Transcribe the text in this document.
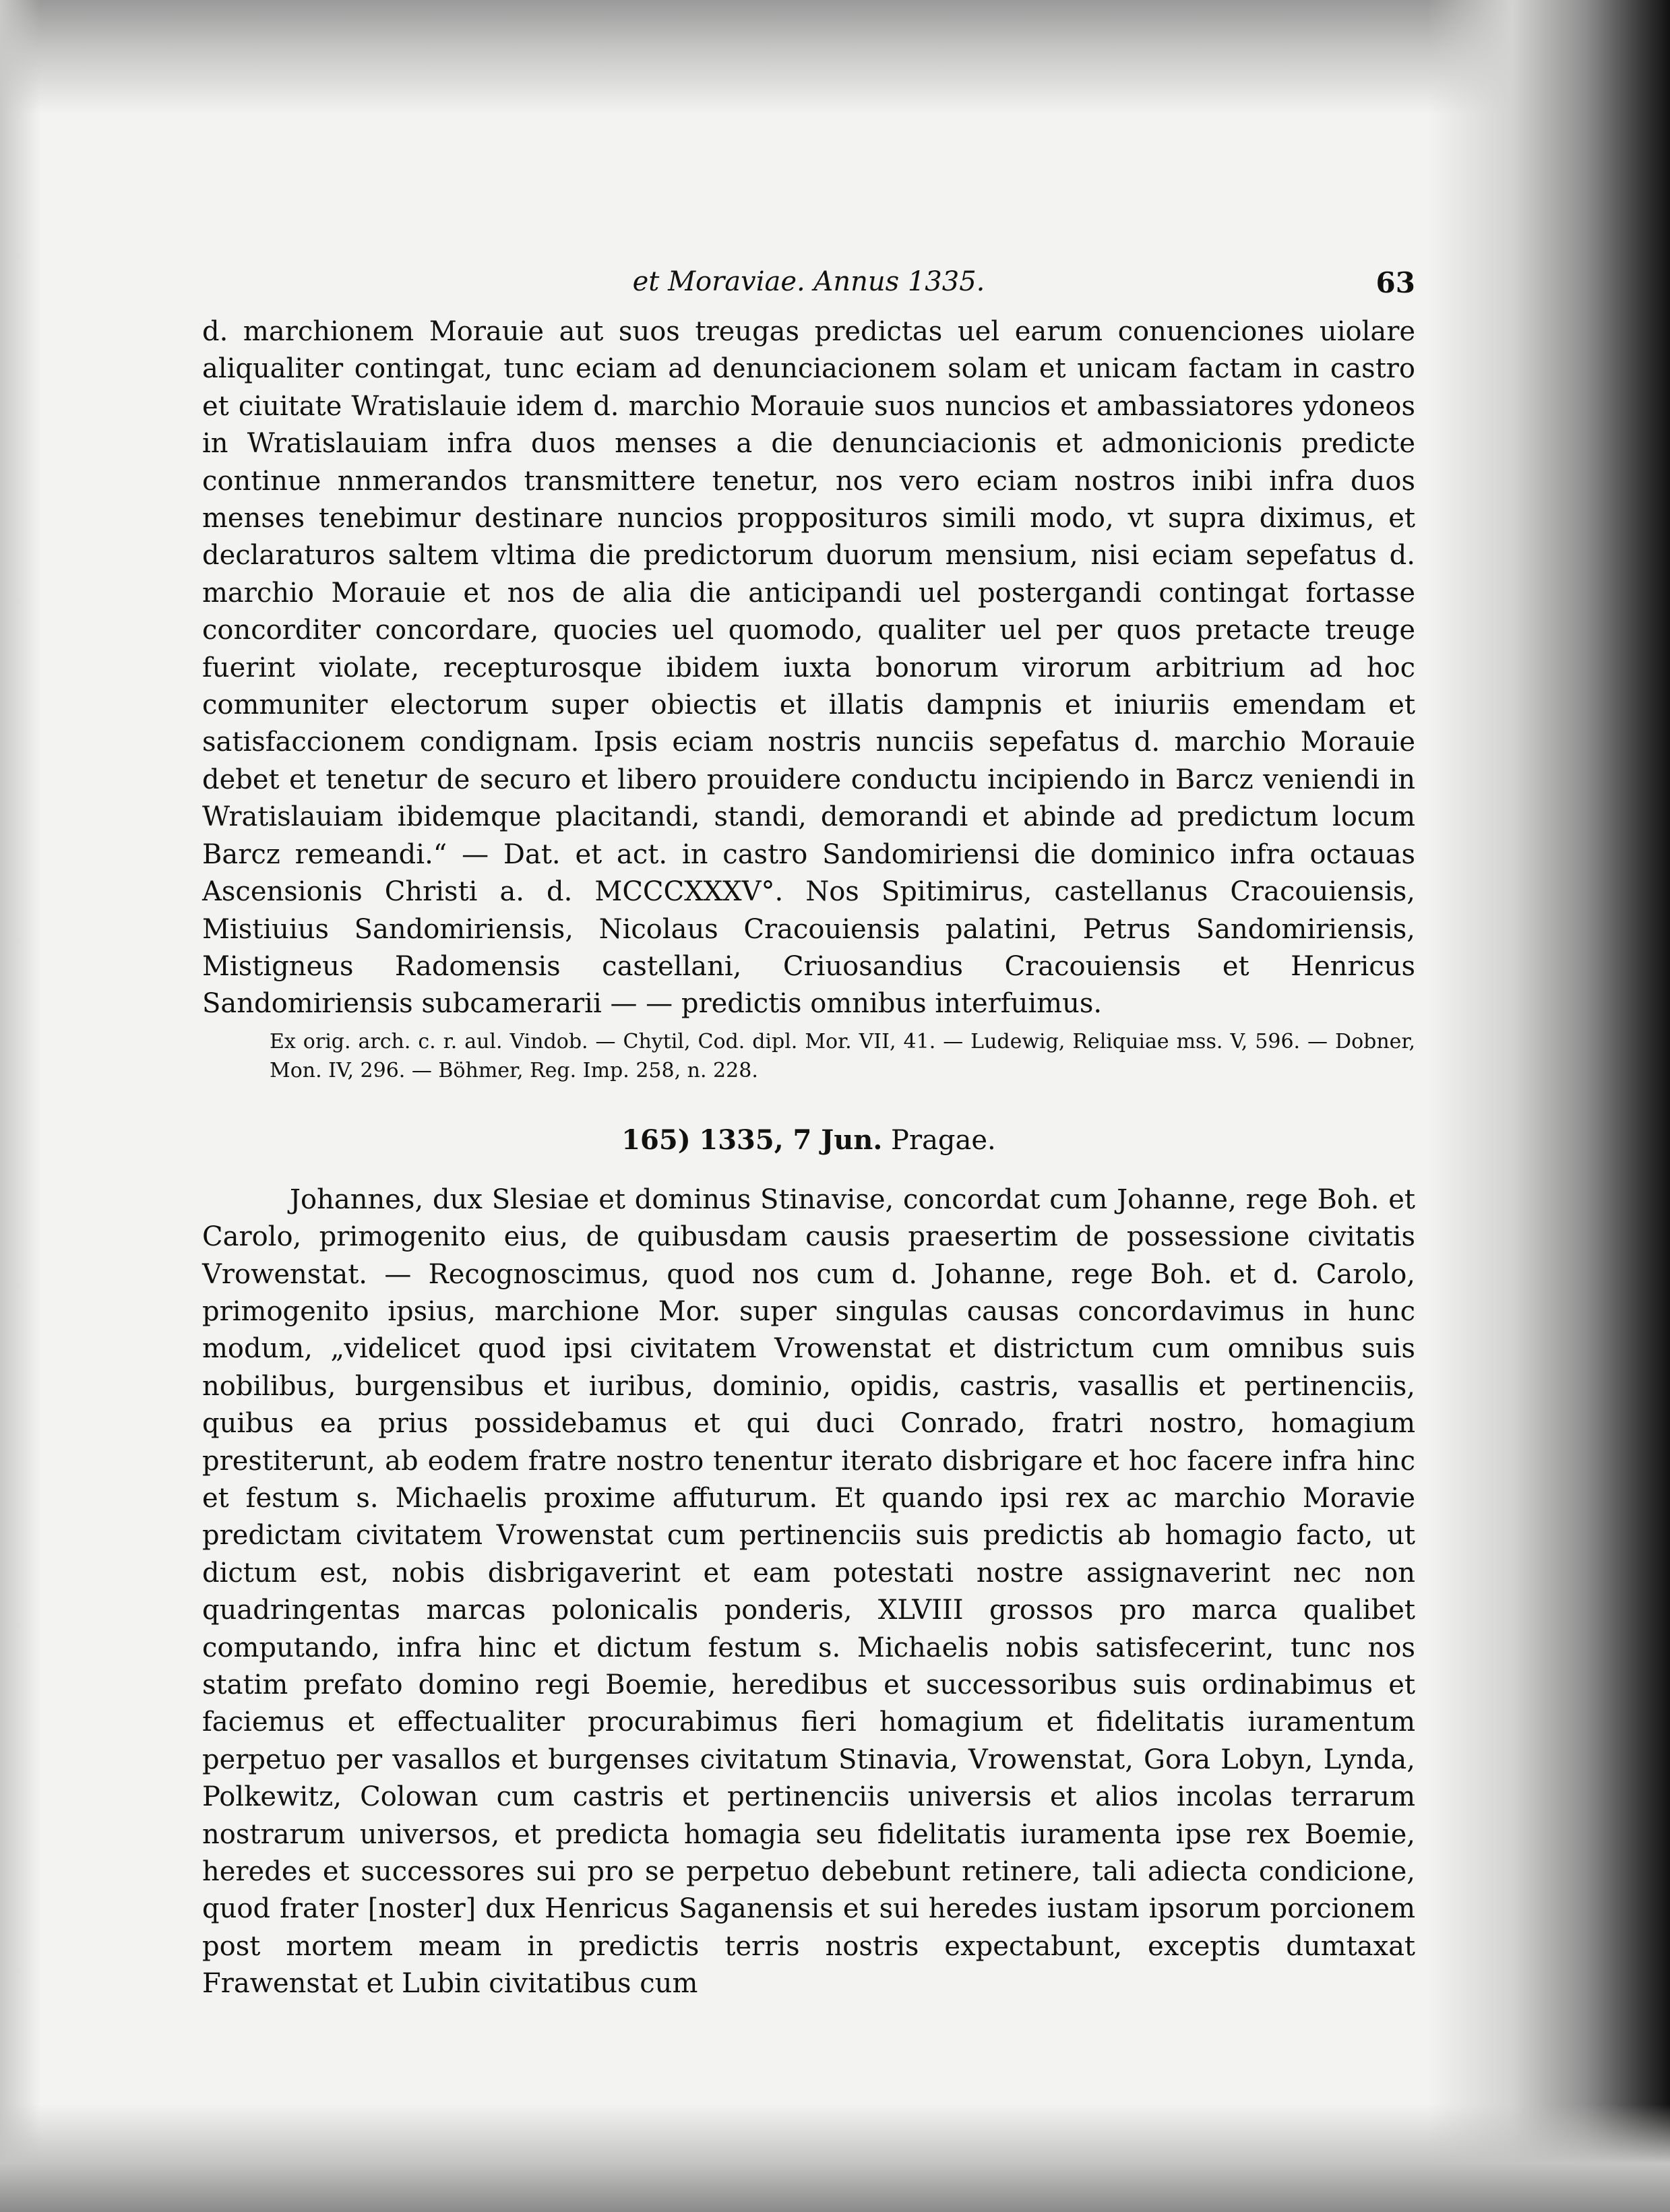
et Moraviae. Annus 1335.	63

d. marchionem Morauie aut suos treugas predictas uel earum conuenciones uiolare aliqualiter contingat, tunc eciam ad denunciacionem solam et unicam factam in castro et ciuitate Wratislauie idem d. marchio Morauie suos nuncios et ambassiatores ydoneos in Wratislauiam infra duos menses a die denunciacionis et admonicionis predicte continue nnmerandos transmittere tenetur, nos vero eciam nostros inibi infra duos menses tenebimur destinare nuncios propposituros simili modo, vt supra diximus, et declaraturos saltem vltima die predictorum duorum mensium, nisi eciam sepefatus d. marchio Morauie et nos de alia die anticipandi uel postergandi contingat fortasse concorditer concordare, quocies uel quomodo, qualiter uel per quos pretacte treuge fuerint violate, recepturosque ibidem iuxta bonorum virorum arbitrium ad hoc communiter electorum super obiectis et illatis dampnis et iniuriis emendam et satisfaccionem condignam. Ipsis eciam nostris nunciis sepefatus d. marchio Morauie debet et tenetur de securo et libero prouidere conductu incipiendo in Barcz veniendi in Wratislauiam ibidemque placitandi, standi, demorandi et abinde ad predictum locum Barcz remeandi.“ — Dat. et act. in castro Sandomiriensi die dominico infra octauas Ascensionis Christi a. d. MCCCXXXV°. Nos Spitimirus, castellanus Cracouiensis, Mistiuius Sandomiriensis, Nicolaus Cracouiensis palatini, Petrus Sandomiriensis, Mistigneus Radomensis castellani, Criuosandius Cracouiensis et Henricus Sandomiriensis subcamerarii — — predictis omnibus interfuimus.

Ex orig. arch. c. r. aul. Vindob. — Chytil, Cod. dipl. Mor. VII, 41. — Ludewig, Reliquiae mss. V, 596. — Dobner, Mon. IV, 296. — Böhmer, Reg. Imp. 258, n. 228.

165) 1335, 7 Jun. Pragae.

Johannes, dux Slesiae et dominus Stinavise, concordat cum Johanne, rege Boh. et Carolo, primogenito eius, de quibusdam causis praesertim de possessione civitatis Vrowenstat. — Recognoscimus, quod nos cum d. Johanne, rege Boh. et d. Carolo, primogenito ipsius, marchione Mor. super singulas causas concordavimus in hunc modum, „videlicet quod ipsi civitatem Vrowenstat et districtum cum omnibus suis nobilibus, burgensibus et iuribus, dominio, opidis, castris, vasallis et pertinenciis, quibus ea prius possidebamus et qui duci Conrado, fratri nostro, homagium prestiterunt, ab eodem fratre nostro tenentur iterato disbrigare et hoc facere infra hinc et festum s. Michaelis proxime affuturum. Et quando ipsi rex ac marchio Moravie predictam civitatem Vrowenstat cum pertinenciis suis predictis ab homagio facto, ut dictum est, nobis disbrigaverint et eam potestati nostre assignaverint nec non quadringentas marcas polonicalis ponderis, XLVIII grossos pro marca qualibet computando, infra hinc et dictum festum s. Michaelis nobis satisfecerint, tunc nos statim prefato domino regi Boemie, heredibus et successoribus suis ordinabimus et faciemus et effectualiter procurabimus fieri homagium et fidelitatis iuramentum perpetuo per vasallos et burgenses civitatum Stinavia, Vrowenstat, Gora Lobyn, Lynda, Polkewitz, Colowan cum castris et pertinenciis universis et alios incolas terrarum nostrarum universos, et predicta homagia seu fidelitatis iuramenta ipse rex Boemie, heredes et successores sui pro se perpetuo debebunt retinere, tali adiecta condicione, quod frater [noster] dux Henricus Saganensis et sui heredes iustam ipsorum porcionem post mortem meam in predictis terris nostris expectabunt, exceptis dumtaxat Frawenstat et Lubin civitatibus cum
